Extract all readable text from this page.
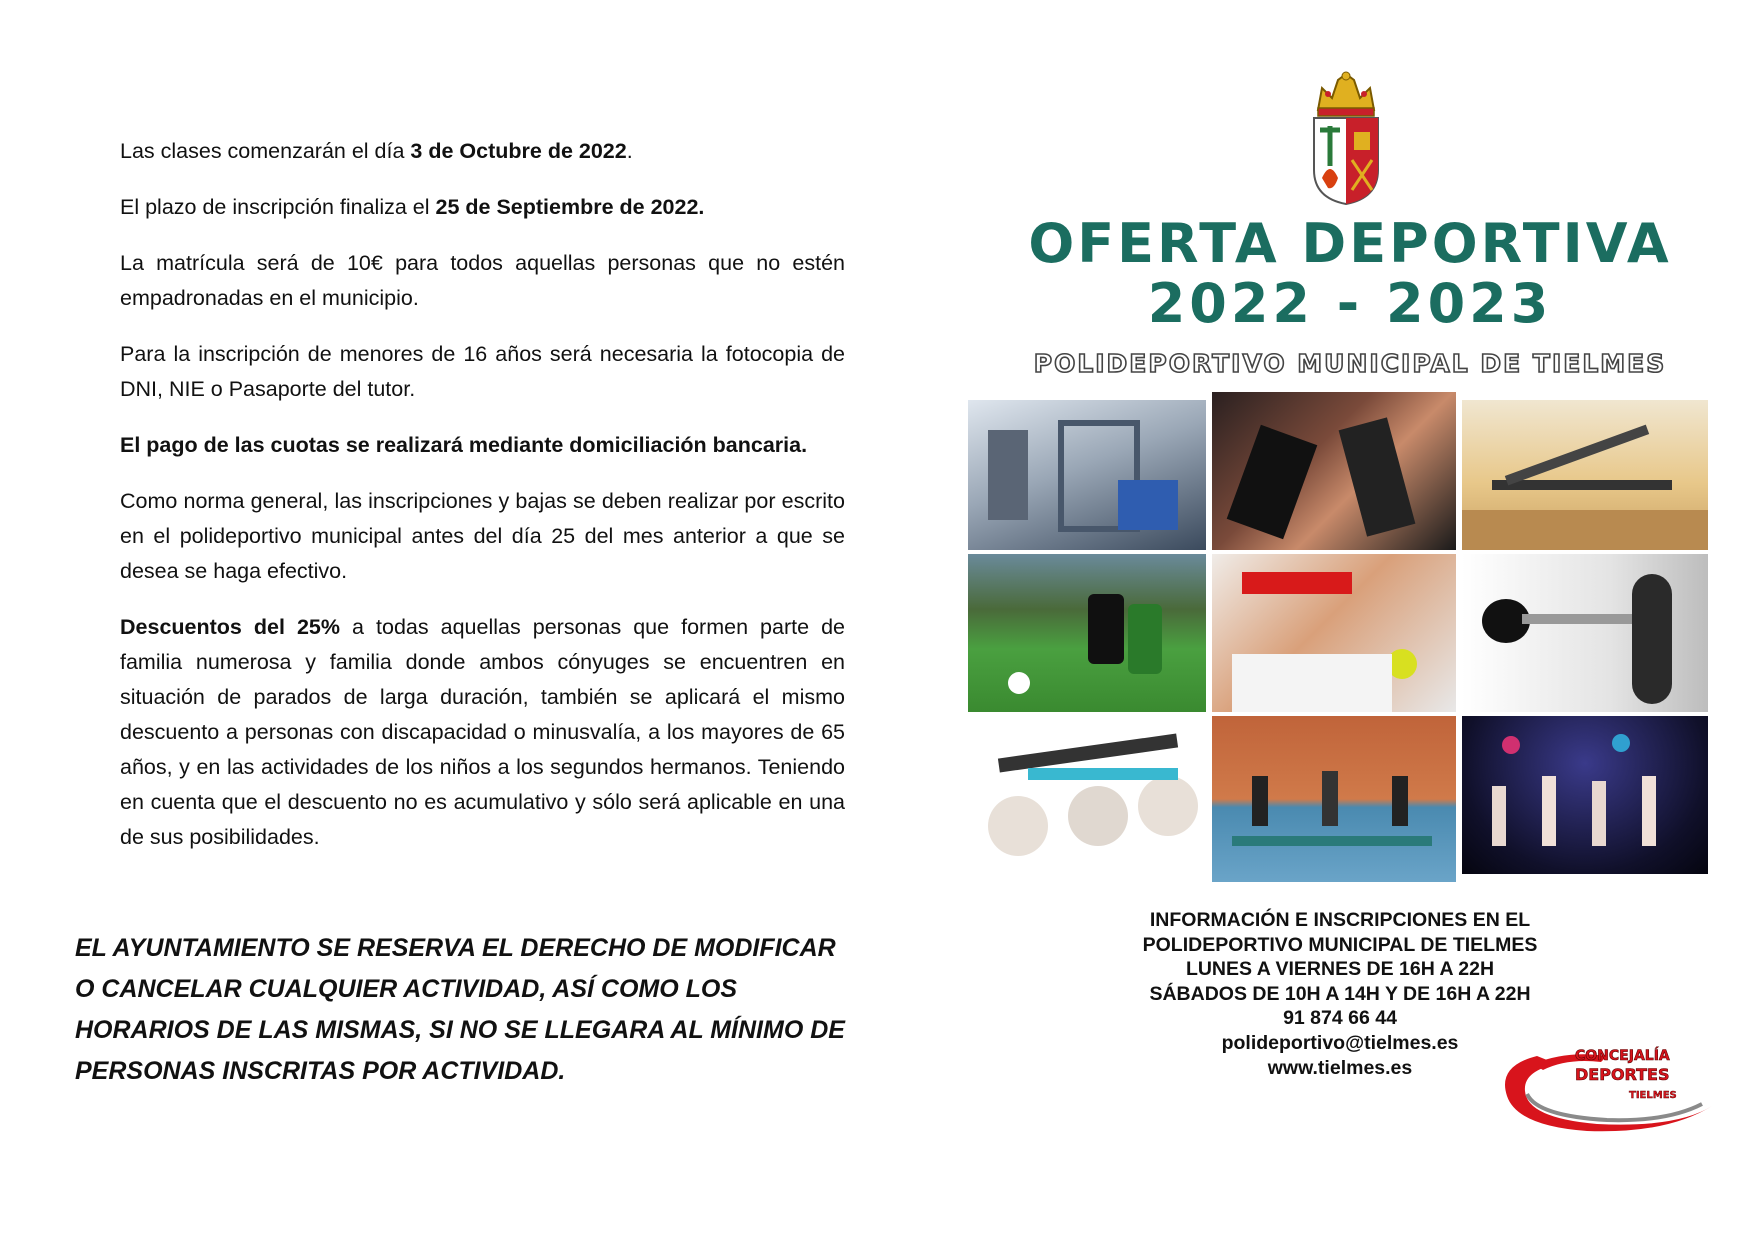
Las clases comenzarán el día 3 de Octubre de 2022.

El plazo de inscripción finaliza el 25 de Septiembre de 2022.

La matrícula será de 10€ para todos aquellas personas que no estén empadronadas en el municipio.

Para la inscripción de menores de 16 años será necesaria la fotocopia de DNI, NIE o Pasaporte del tutor.

El pago de las cuotas se realizará mediante domiciliación bancaria.

Como norma general, las inscripciones y bajas se deben realizar por escrito en el polideportivo municipal antes del día 25 del mes anterior a que se desea se haga efectivo.

Descuentos del 25% a todas aquellas personas que formen parte de familia numerosa y familia donde ambos cónyuges se encuentren en situación de parados de larga duración, también se aplicará el mismo descuento a personas con discapacidad o minusvalía, a los mayores de 65 años, y en las actividades de los niños a los segundos hermanos. Teniendo en cuenta que el descuento no es acumulativo y sólo será aplicable en una de sus posibilidades.

EL AYUNTAMIENTO SE RESERVA EL DERECHO DE MODIFICAR O CANCELAR CUALQUIER ACTIVIDAD, ASÍ COMO LOS HORARIOS DE LAS MISMAS, SI NO SE LLEGARA AL MÍNIMO DE PERSONAS INSCRITAS POR ACTIVIDAD.
OFERTA DEPORTIVA
2022 - 2023
POLIDEPORTIVO MUNICIPAL DE TIELMES
INFORMACIÓN E INSCRIPCIONES EN EL
POLIDEPORTIVO MUNICIPAL DE TIELMES
LUNES A VIERNES DE 16H A 22H
SÁBADOS DE 10H A 14H Y DE 16H A 22H
91 874 66 44
polideportivo@tielmes.es
www.tielmes.es
CONCEJALÍA
DEPORTES
TIELMES
